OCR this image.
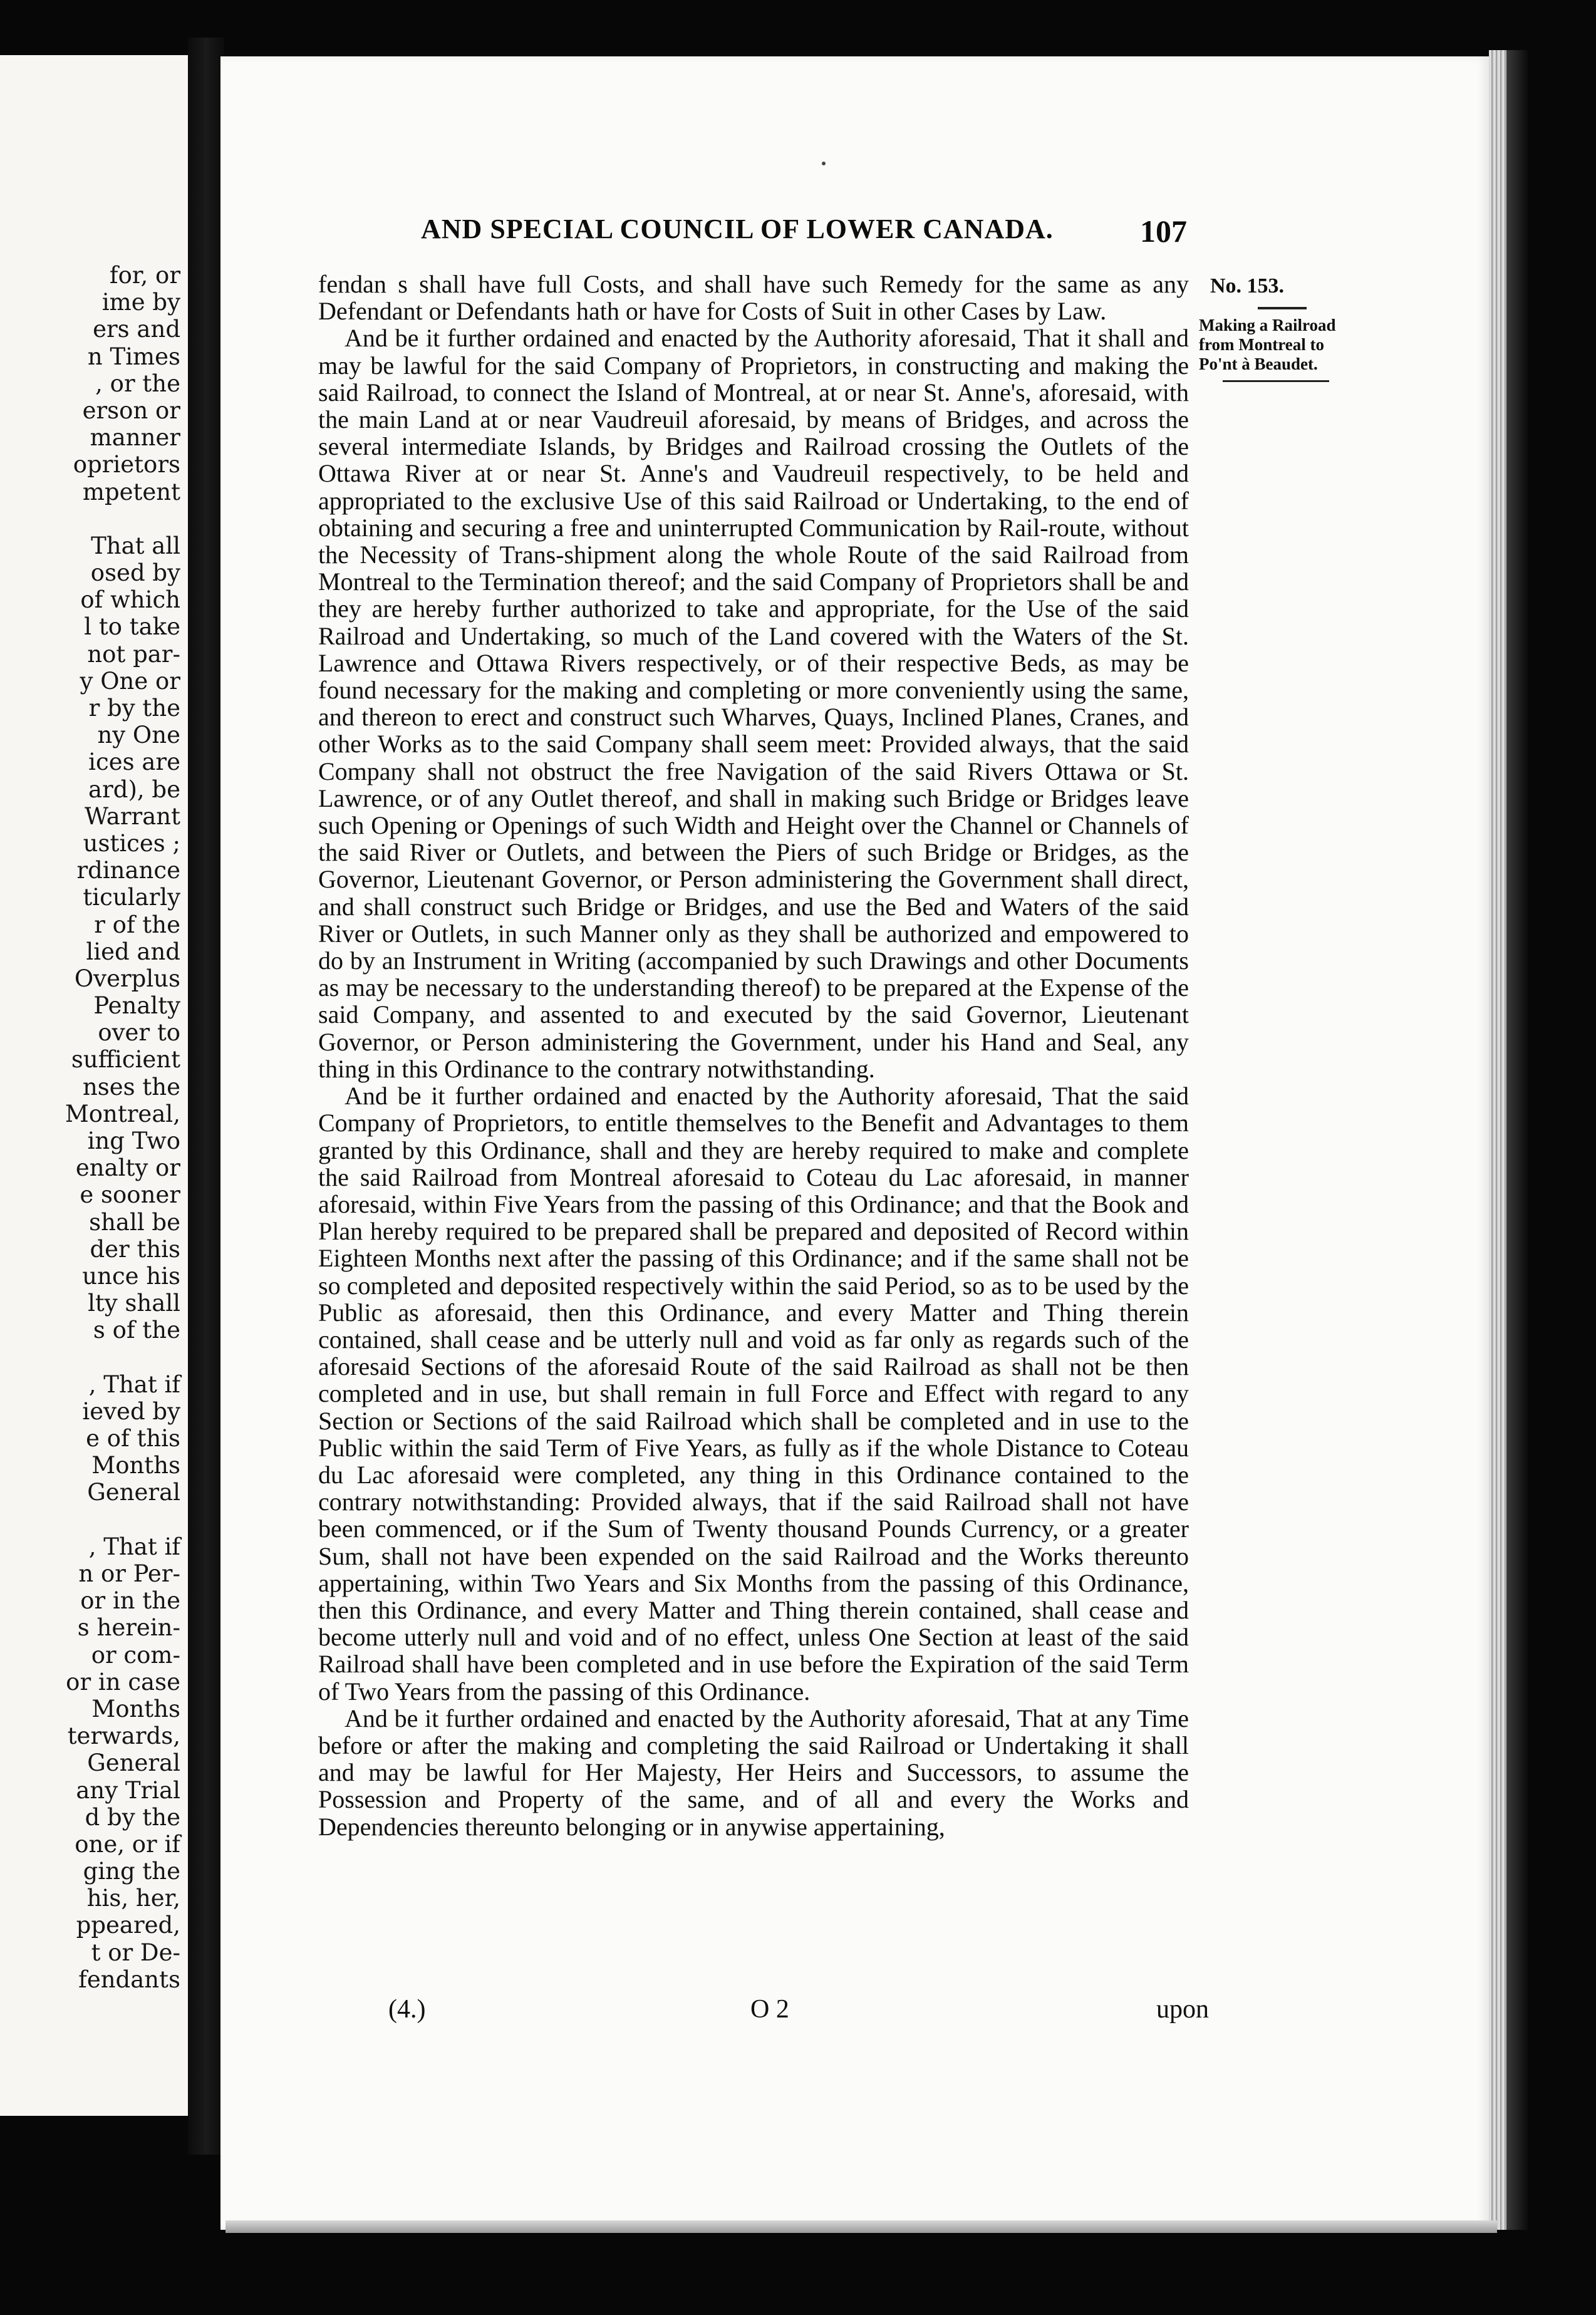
for, or
ime by
ers and
n Times
, or the
erson or
manner
oprietors
mpetent
That all
osed by
of which
l to take
not par-
y One or
r by the
ny One
ices are
ard), be
Warrant
ustices ;
rdinance
ticularly
r of the
lied and
Overplus
Penalty
over to
sufficient
nses the
Montreal,
ing Two
enalty or
e sooner
shall be
der this
unce his
lty shall
s of the
, That if
ieved by
e of this
Months
General
, That if
n or Per-
or in the
s herein-
or com-
or in case
Months
terwards,
General
any Trial
d by the
one, or if
ging the
his, her,
ppeared,
t or De-
fendants
AND SPECIAL COUNCIL OF LOWER CANADA.	107

fendan s shall have full Costs, and shall have such Remedy for the same as any Defendant or Defendants hath or have for Costs of Suit in other Cases by Law.

And be it further ordained and enacted by the Authority aforesaid, That it shall and may be lawful for the said Company of Proprietors, in constructing and making the said Railroad, to connect the Island of Montreal, at or near St. Anne's, aforesaid, with the main Land at or near Vaudreuil aforesaid, by means of Bridges, and across the several intermediate Islands, by Bridges and Railroad crossing the Outlets of the Ottawa River at or near St. Anne's and Vaudreuil respectively, to be held and appropriated to the exclusive Use of this said Railroad or Undertaking, to the end of obtaining and securing a free and uninterrupted Communication by Rail-route, without the Necessity of Trans-shipment along the whole Route of the said Railroad from Montreal to the Termination thereof; and the said Company of Proprietors shall be and they are hereby further authorized to take and appropriate, for the Use of the said Railroad and Undertaking, so much of the Land covered with the Waters of the St. Lawrence and Ottawa Rivers respectively, or of their respective Beds, as may be found necessary for the making and completing or more conveniently using the same, and thereon to erect and construct such Wharves, Quays, Inclined Planes, Cranes, and other Works as to the said Company shall seem meet: Provided always, that the said Company shall not obstruct the free Navigation of the said Rivers Ottawa or St. Lawrence, or of any Outlet thereof, and shall in making such Bridge or Bridges leave such Opening or Openings of such Width and Height over the Channel or Channels of the said River or Outlets, and between the Piers of such Bridge or Bridges, as the Governor, Lieutenant Governor, or Person administering the Government shall direct, and shall construct such Bridge or Bridges, and use the Bed and Waters of the said River or Outlets, in such Manner only as they shall be authorized and empowered to do by an Instrument in Writing (accompanied by such Drawings and other Documents as may be necessary to the understanding thereof) to be prepared at the Expense of the said Company, and assented to and executed by the said Governor, Lieutenant Governor, or Person administering the Government, under his Hand and Seal, any thing in this Ordinance to the contrary notwithstanding.

And be it further ordained and enacted by the Authority aforesaid, That the said Company of Proprietors, to entitle themselves to the Benefit and Advantages to them granted by this Ordinance, shall and they are hereby required to make and complete the said Railroad from Montreal aforesaid to Coteau du Lac aforesaid, in manner aforesaid, within Five Years from the passing of this Ordinance; and that the Book and Plan hereby required to be prepared shall be prepared and deposited of Record within Eighteen Months next after the passing of this Ordinance; and if the same shall not be so completed and deposited respectively within the said Period, so as to be used by the Public as aforesaid, then this Ordinance, and every Matter and Thing therein contained, shall cease and be utterly null and void as far only as regards such of the aforesaid Sections of the aforesaid Route of the said Railroad as shall not be then completed and in use, but shall remain in full Force and Effect with regard to any Section or Sections of the said Railroad which shall be completed and in use to the Public within the said Term of Five Years, as fully as if the whole Distance to Coteau du Lac aforesaid were completed, any thing in this Ordinance contained to the contrary notwithstanding: Provided always, that if the said Railroad shall not have been commenced, or if the Sum of Twenty thousand Pounds Currency, or a greater Sum, shall not have been expended on the said Railroad and the Works thereunto appertaining, within Two Years and Six Months from the passing of this Ordinance, then this Ordinance, and every Matter and Thing therein contained, shall cease and become utterly null and void and of no effect, unless One Section at least of the said Railroad shall have been completed and in use before the Expiration of the said Term of Two Years from the passing of this Ordinance.

And be it further ordained and enacted by the Authority aforesaid, That at any Time before or after the making and completing the said Railroad or Undertaking it shall and may be lawful for Her Majesty, Her Heirs and Successors, to assume the Possession and Property of the same, and of all and every the Works and Dependencies thereunto belonging or in anywise appertaining,

No. 153.
Making a Railroad from Montreal to Po'nt à Beaudet.
(4.)	O 2	upon
